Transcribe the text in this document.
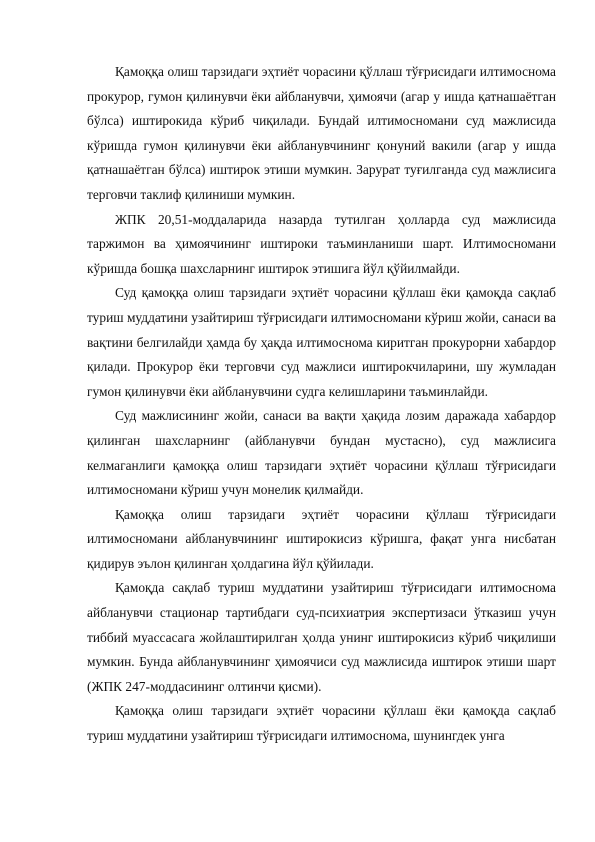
Қамоққа олиш тарзидаги эҳтиёт чорасини қўллаш тўғрисидаги илтимоснома прокурор, гумон қилинувчи ёки айбланувчи, ҳимоячи (агар у ишда қатнашаётган бўлса) иштирокида кўриб чиқилади. Бундай илтимосномани суд мажлисида кўришда гумон қилинувчи ёки айбланувчининг қонуний вакили (агар у ишда қатнашаётган бўлса) иштирок этиши мумкин. Зарурат туғилганда суд мажлисига терговчи таклиф қилиниши мумкин.

ЖПК 20,51-моддаларида назарда тутилган ҳолларда суд мажлисида таржимон ва ҳимоячининг иштироки таъминланиши шарт. Илтимосномани кўришда бошқа шахсларнинг иштирок этишига йўл қўйилмайди.

Суд қамоққа олиш тарзидаги эҳтиёт чорасини қўллаш ёки қамоқда сақлаб туриш муддатини узайтириш тўғрисидаги илтимосномани кўриш жойи, санаси ва вақтини белгилайди ҳамда бу ҳақда илтимоснома киритган прокурорни хабардор қилади. Прокурор ёки терговчи суд мажлиси иштирокчиларини, шу жумладан гумон қилинувчи ёки айбланувчини судга келишларини таъминлайди.

Суд мажлисининг жойи, санаси ва вақти ҳақида лозим даражада хабардор қилинган шахсларнинг (айбланувчи бундан мустасно), суд мажлисига келмаганлиги қамоққа олиш тарзидаги эҳтиёт чорасини қўллаш тўғрисидаги илтимосномани кўриш учун монелик қилмайди.

Қамоққа олиш тарзидаги эҳтиёт чорасини қўллаш тўғрисидаги илтимосномани айбланувчининг иштирокисиз кўришга, фақат унга нисбатан қидирув эълон қилинган ҳолдагина йўл қўйилади.

Қамоқда сақлаб туриш муддатини узайтириш тўғрисидаги илтимоснома айбланувчи стационар тартибдаги суд-психиатрия экспертизаси ўтказиш учун тиббий муассасага жойлаштирилган ҳолда унинг иштирокисиз кўриб чиқилиши мумкин. Бунда айбланувчининг ҳимоячиси суд мажлисида иштирок этиши шарт (ЖПК 247-моддасининг олтинчи қисми).

Қамоққа олиш тарзидаги эҳтиёт чорасини қўллаш ёки қамоқда сақлаб туриш муддатини узайтириш тўғрисидаги илтимоснома, шунингдек унга
